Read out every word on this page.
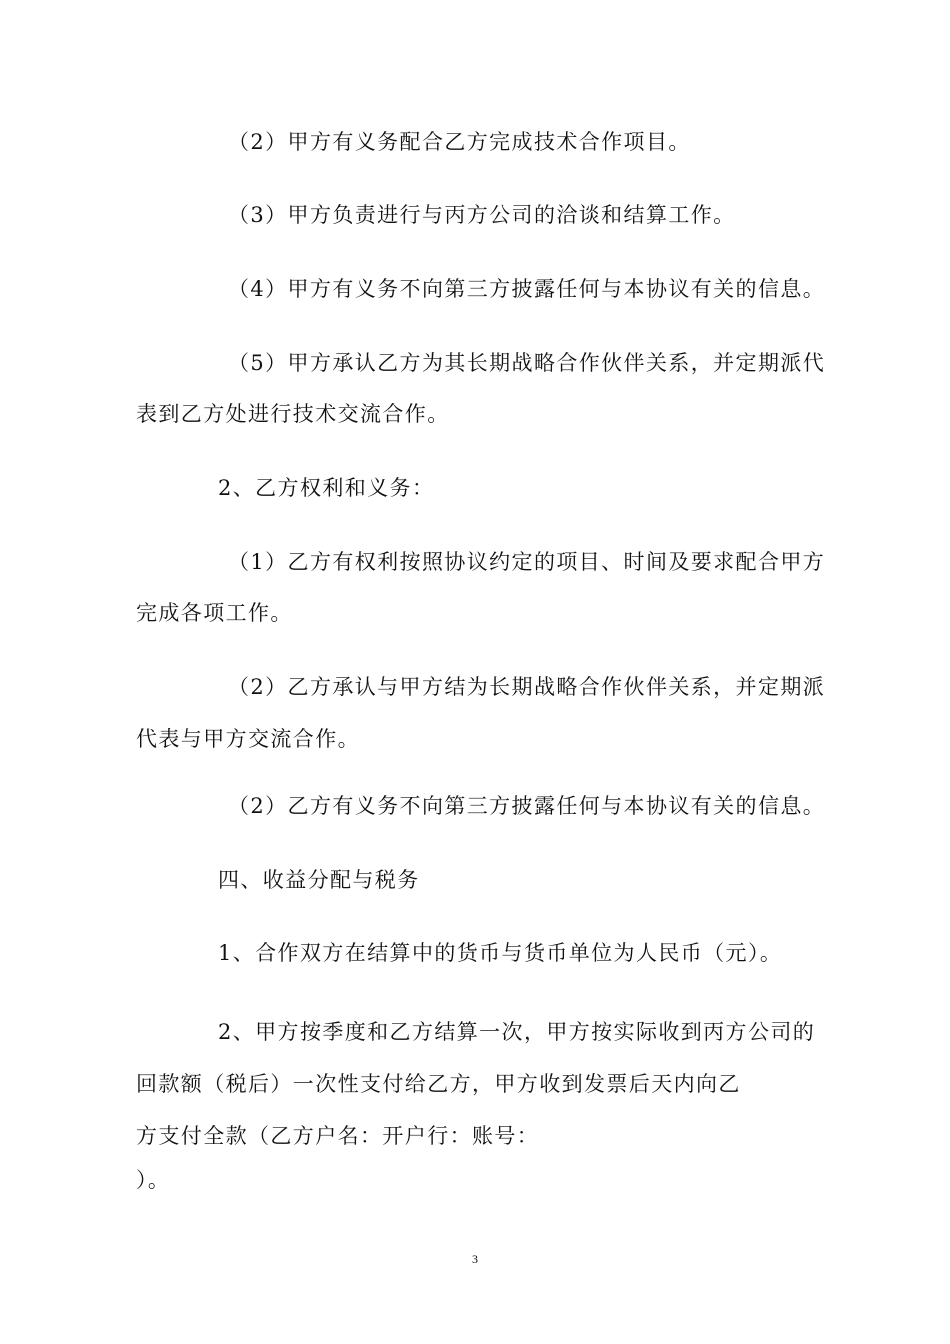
（2）甲方有义务配合乙方完成技术合作项目。
（3）甲方负责进行与丙方公司的洽谈和结算工作。
（4）甲方有义务不向第三方披露任何与本协议有关的信息。
（5）甲方承认乙方为其长期战略合作伙伴关系，并定期派代
表到乙方处进行技术交流合作。
2、乙方权利和义务：
（1）乙方有权利按照协议约定的项目、时间及要求配合甲方
完成各项工作。
（2）乙方承认与甲方结为长期战略合作伙伴关系，并定期派
代表与甲方交流合作。
（2）乙方有义务不向第三方披露任何与本协议有关的信息。
四、收益分配与税务
1、合作双方在结算中的货币与货币单位为人民币（元）。
2、甲方按季度和乙方结算一次，甲方按实际收到丙方公司的
回款额（税后）一次性支付给乙方，甲方收到发票后天内向乙
方支付全款（乙方户名：开户行：账号：
）。
3
